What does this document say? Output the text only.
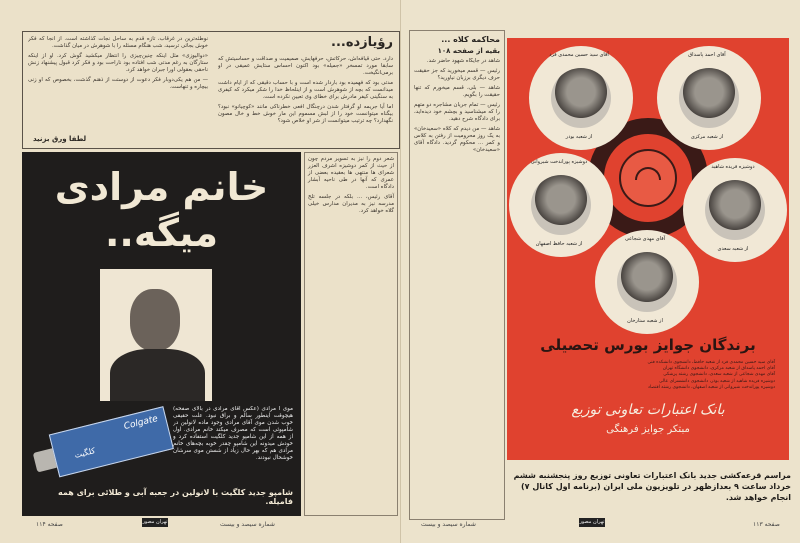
رؤیازده...

دارد. حتی قیافه‌اش، حرکاتش، حرفهایش، صمیمیت و صداقت و حساسیتش که سابقا مورد تمسخر «جمیله» بود اکنون احساس ستایش عمیقی در او برمی‌انگیخت.

مدتی بود که فهمیده بود باردار شده است و با حساب دقیقی که از ایام داشت میدانست که بچه از شوهرش است و از اینلحاظ خدا را شکر میکرد که کیفری به سنگینی کیفر مادرش برای خطای وی تعیین نکرده است.

اما آیا جریمه او گرفتار شدن درچنگال افعی خطرناکی مانند «کوچیانو» نبود؟ بیگناه میتوانست خود را از لبش مسموم این مار خوش خط و خال مصون نگهدارد؟ چه ترتیب میتوانست از شر او خلاص شود؟

نوطئه‌ترین در غرقاب، تازه قدم به ساحل نجات گذاشته است. از آنجا که فکر خوش بجائی ترسید، شب هنگام مسئله را با شوهرش در میان گذاشت.

«دوالیوزی» مثل اینکه چنین‌چیزی را انتظار میکشید گوش کرد. او از اینکه ستارگان به رغم مدتی شب افتاده بود ناراحت بود و فکر کرد قبول پیشنهاد زنش ناحقی بعقولی اورا جبران خواهد کرد.

— من هم یکی‌دوبار فکر دعوت از دوستت از ذهنم گذشت، بخصوص که او زنی بیچاره و تنهاست.

لطفا ورق بزنید
خانم مرادی
میگه..
Colgate
کلگیت
موی آ مرادی (عکس آقای مرادی در بالای صفحه) هیچوقت اینطور سالم و براق نبود. علت حقیقی خوب شدن موی آقای مرادی وجود ماده لانولین در شامپوئی است که مصرف میکند خانم مرادی. اول از همه از این شامپو جدید کلگیت استفاده کرد و خودش میدونه این شامپو چقدر خوبه بچه‌های خانم مرادی هم که بهر حال زیاد از شستن موی سرشان خوشحال نبودند.
شامپو جدید کلگیت با لانولین در جعبه آبی و طلائی برای همه فامیله.

شعر دوم را نیز به تسویر مردم چون از حیث از کمر دوشیزه اشرف العزر شعرای ها منتهی ها بعقیده بعضی از عمری که آنها در طی ناحیه آبشار دادگاه است.

آقای رئیس، ... بلکه در جلسه تلخ مدرسه نیز به مدیران مدارس خیلی گلاه خواهد کرد.

صفحه ۱۱۴	تهران مصور	شماره سیصد و بیست
محاکمه کلاه ...
بقیه از صفحه ۱۰۸

شاهد در جایگاه شهود حاضر شد.

رئیس — قسم میخورید که جز حقیقت حرف دیگری برزبان نیاورید؟

شاهد — بلی، قسم میخورم که تنها حقیقت را بگویم.

رئیس — تمام جریان مشاجره دو متهم را که میشناسید و بچشم خود دیده‌اید، برای دادگاه شرح دهید.

شاهد — من دیدم که کلاه «سعیدخان» به یک روز محرومیت از رفتن به کلاس و کمر ... محکوم گردید. دادگاه آقای «سعیدخان»

آقای سید حسین محمدی فرد
از شعبه بوذر
آقای احمد پاسداق
از شعبه مرکزی
دوشیزه پوراندخت شیروانی
از شعبه حافظ اصفهان
دوشیزه فریده شاهید
از شعبه سعدی
آقای مهدی شجاعی
از شعبه ستارخان
برندگان جوایز بورس تحصیلی
آقای سید حسین محمدی فرد از شعبه حافظ، دانشجوی دانشکده فنی
آقای احمد پاسداق از شعبه مرکزی، دانشجوی دانشگاه تهران
آقای مهدی شجاعی از شعبه سعدی، دانشجوی رشته پزشکی
دوشیزه فریده شاهید از شعبه بوذر، دانشجوی دانشسرای عالی
دوشیزه پوراندخت شیروانی از شعبه اصفهان، دانشجوی رشته اقتصاد
بانک اعتبارات تعاونی توزیع
مبتکر جوایز فرهنگی
مراسم قرعه‌کشی جدید بانک اعتبارات تعاونی توزیع روز پنجشنبه ششم خرداد ساعت ۹ بعدازظهر در تلویزیون ملی ایران (برنامه اول کانال ۷) انجام خواهد شد.
شماره سیصد و بیست	تهران مصور	صفحه ۱۱۳
